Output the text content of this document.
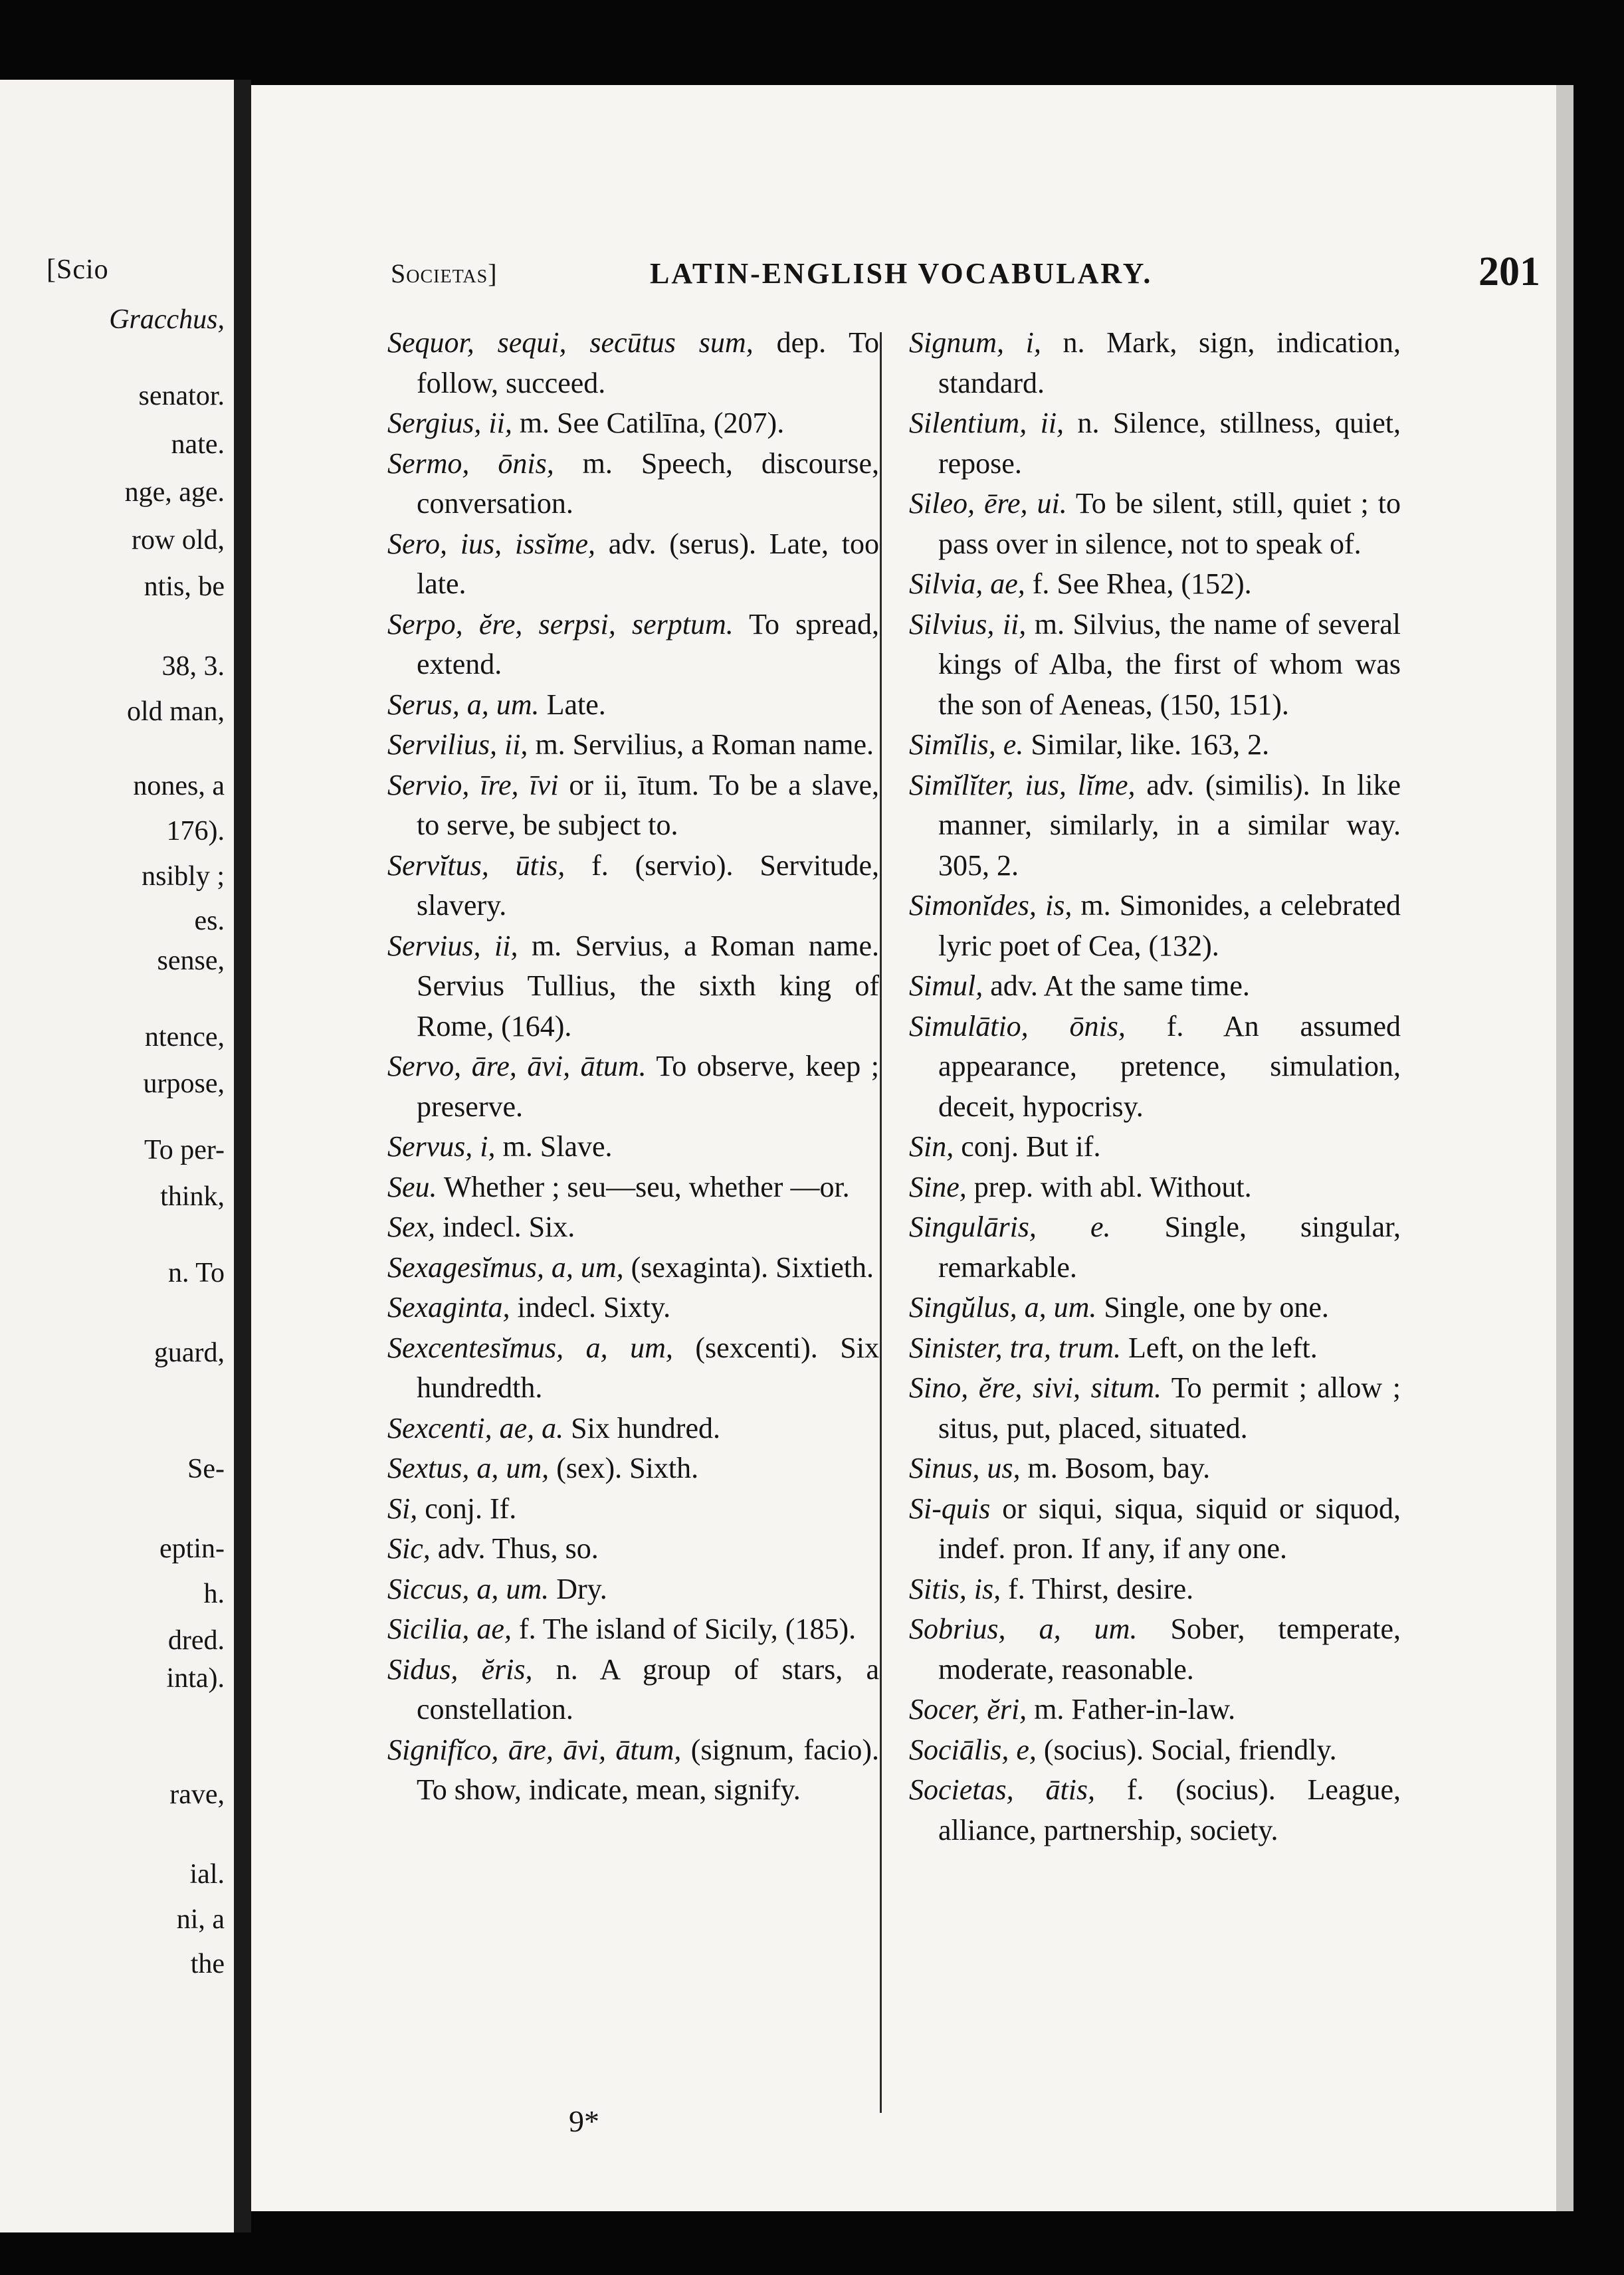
[Scio
Gracchus,
senator.
nate.
nge, age.
row old,
ntis, be
38, 3.
old man,
nones, a
176).
nsibly ;
es.
sense,
ntence,
urpose,
To per-
think,
n. To
guard,
Se-
eptin-
h.
dred.
inta).
rave,
ial.
ni, a
the
Societas]	LATIN-ENGLISH VOCABULARY.	201

Sequor, sequi, secūtus sum, dep. To follow, succeed.

Sergius, ii, m. See Catilīna, (207).

Sermo, ōnis, m. Speech, discourse, conversation.

Sero, ius, issĭme, adv. (serus). Late, too late.

Serpo, ĕre, serpsi, serptum. To spread, extend.

Serus, a, um. Late.

Servilius, ii, m. Servilius, a Roman name.

Servio, īre, īvi or ii, ītum. To be a slave, to serve, be subject to.

Servĭtus, ūtis, f. (servio). Servitude, slavery.

Servius, ii, m. Servius, a Roman name. Servius Tullius, the sixth king of Rome, (164).

Servo, āre, āvi, ātum. To observe, keep ; preserve.

Servus, i, m. Slave.

Seu. Whether ; seu—seu, whether —or.

Sex, indecl. Six.

Sexagesĭmus, a, um, (sexaginta). Sixtieth.

Sexaginta, indecl. Sixty.

Sexcentesĭmus, a, um, (sexcenti). Six hundredth.

Sexcenti, ae, a. Six hundred.

Sextus, a, um, (sex). Sixth.

Si, conj. If.

Sic, adv. Thus, so.

Siccus, a, um. Dry.

Sicilia, ae, f. The island of Sicily, (185).

Sidus, ĕris, n. A group of stars, a constellation.

Signifĭco, āre, āvi, ātum, (signum, facio). To show, indicate, mean, signify.

Signum, i, n. Mark, sign, indication, standard.

Silentium, ii, n. Silence, stillness, quiet, repose.

Sileo, ēre, ui. To be silent, still, quiet ; to pass over in silence, not to speak of.

Silvia, ae, f. See Rhea, (152).

Silvius, ii, m. Silvius, the name of several kings of Alba, the first of whom was the son of Aeneas, (150, 151).

Simĭlis, e. Similar, like. 163, 2.

Simĭlĭter, ius, lĭme, adv. (similis). In like manner, similarly, in a similar way. 305, 2.

Simonĭdes, is, m. Simonides, a celebrated lyric poet of Cea, (132).

Simul, adv. At the same time.

Simulātio, ōnis, f. An assumed appearance, pretence, simulation, deceit, hypocrisy.

Sin, conj. But if.

Sine, prep. with abl. Without.

Singulāris, e. Single, singular, remarkable.

Singŭlus, a, um. Single, one by one.

Sinister, tra, trum. Left, on the left.

Sino, ĕre, sivi, situm. To permit ; allow ; situs, put, placed, situated.

Sinus, us, m. Bosom, bay.

Si-quis or siqui, siqua, siquid or siquod, indef. pron. If any, if any one.

Sitis, is, f. Thirst, desire.

Sobrius, a, um. Sober, temperate, moderate, reasonable.

Socer, ĕri, m. Father-in-law.

Sociālis, e, (socius). Social, friendly.

Societas, ātis, f. (socius). League, alliance, partnership, society.

9*
